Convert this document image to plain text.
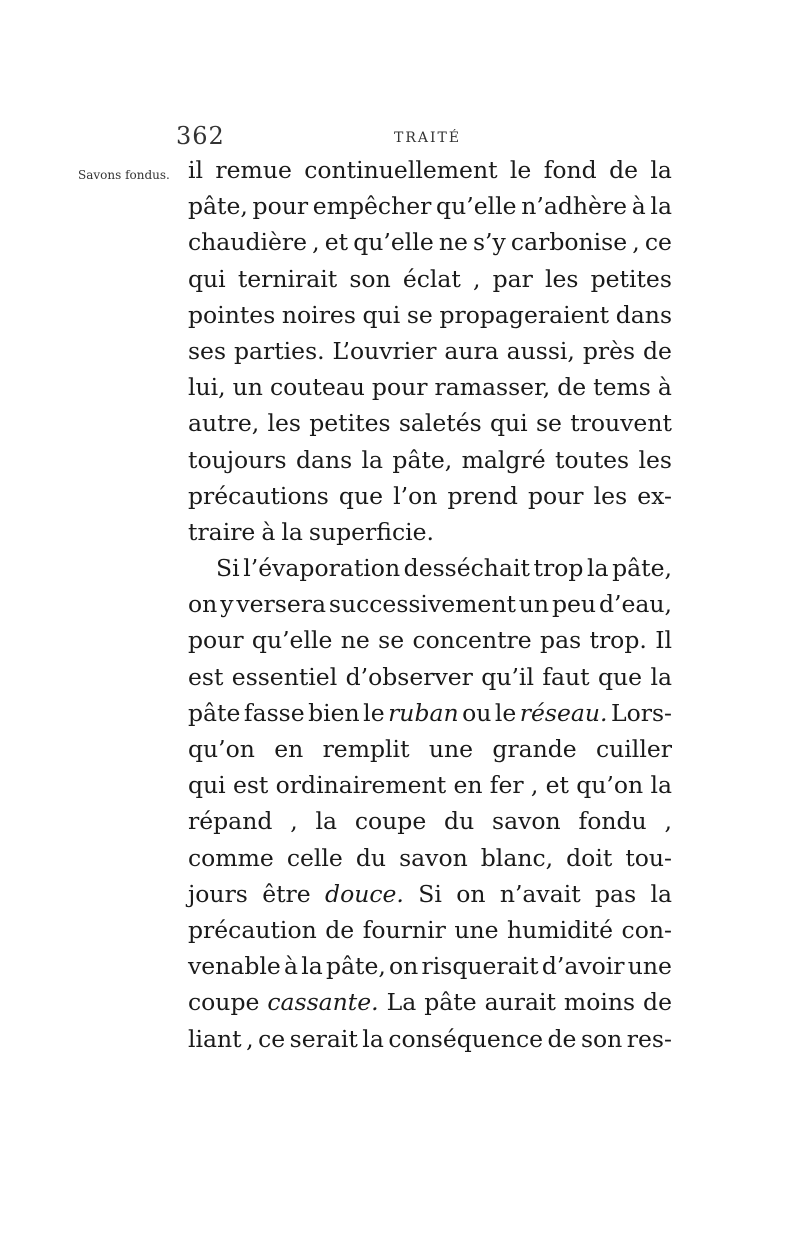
362	TRAITÉ
Savons fondus. il remue continuellement le fond de la
pâte, pour empêcher qu’elle n’adhère à la
chaudière , et qu’elle ne s’y carbonise , ce
qui ternirait son éclat , par les petites
pointes noires qui se propageraient dans
ses parties. L’ouvrier aura aussi, près de
lui, un couteau pour ramasser, de tems à
autre, les petites saletés qui se trouvent
toujours dans la pâte, malgré toutes les
précautions que l’on prend pour les ex-
traire à la superficie.
Si l’évaporation desséchait trop la pâte,
on y versera successivement un peu d’eau,
pour qu’elle ne se concentre pas trop. Il
est essentiel d’observer qu’il faut que la
pâte fasse bien le ruban ou le réseau. Lors-
qu’on en remplit une grande cuiller
qui est ordinairement en fer , et qu’on la
répand , la coupe du savon fondu ,
comme celle du savon blanc, doit tou-
jours être douce. Si on n’avait pas la
précaution de fournir une humidité con-
venable à la pâte, on risquerait d’avoir une
coupe cassante. La pâte aurait moins de
liant , ce serait la conséquence de son res-
